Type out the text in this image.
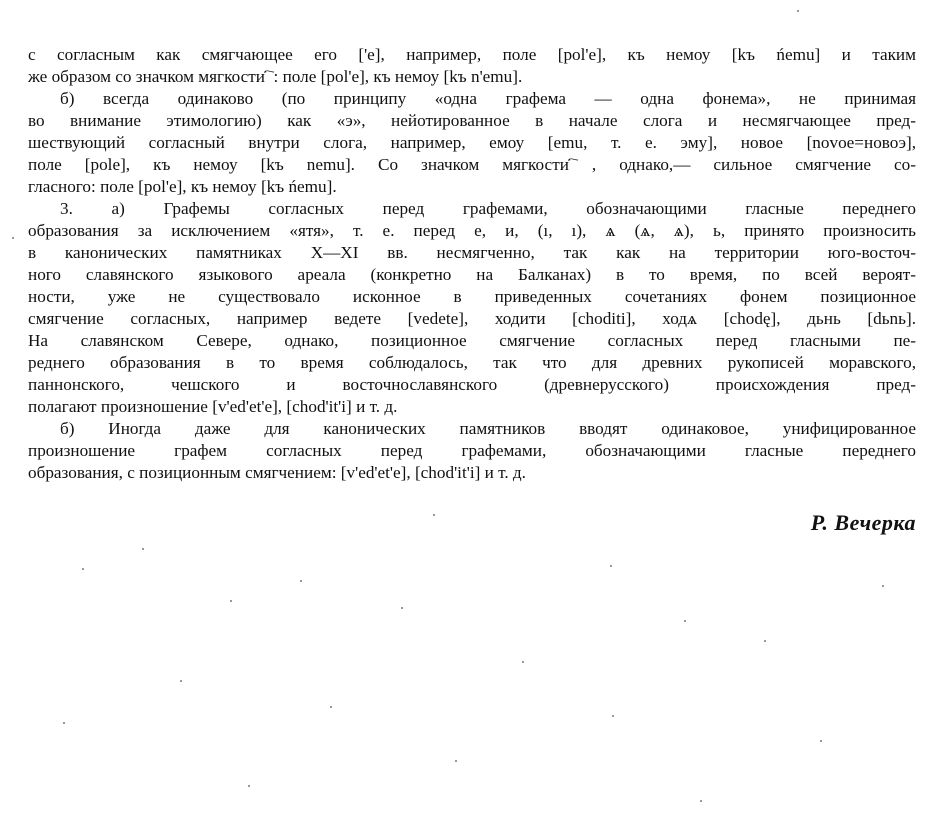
с согласным как смягчающее его ['e], например, поле [pol'e], къ немоу [kъ ńemu] и таким
же образом со значком мягкости ҇ : поле [pol'e], къ немоу [kъ n'emu].
б) всегда одинаково (по принципу «одна графема — одна фонема», не принимая
во внимание этимологию) как «э», нейотированное в начале слога и несмягчающее пред-
шествующий согласный внутри слога, например, емоу [emu, т. е. эму], новое [novoe=новоэ],
поле [pole], къ немоу [kъ nemu]. Со значком мягкости ҇, однако,— сильное смягчение со-
гласного: поле [pol'e], къ немоу [kъ ńemu].
3. а) Графемы согласных перед графемами, обозначающими гласные переднего
образования за исключением «ятя», т. е. перед е, и, (ı, ı), ѧ (ѧ, ѧ), ь, принято произносить
в канонических памятниках X—XI вв. несмягченно, так как на территории юго-восточ-
ного славянского языкового ареала (конкретно на Балканах) в то время, по всей вероят-
ности, уже не существовало исконное в приведенных сочетаниях фонем позиционное
смягчение согласных, например ведете [vedete], ходити [choditi], ходѧ [chodę], дьнь [dьnь].
На славянском Севере, однако, позиционное смягчение согласных перед гласными пе-
реднего образования в то время соблюдалось, так что для древних рукописей моравского,
паннонского, чешского и восточнославянского (древнерусского) происхождения пред-
полагают произношение [v'ed'et'e], [chod'it'i] и т. д.
б) Иногда даже для канонических памятников вводят одинаковое, унифицированное
произношение графем согласных перед графемами, обозначающими гласные переднего
образования, с позиционным смягчением: [v'ed'et'e], [chod'it'i] и т. д.
Р. Вечерка
